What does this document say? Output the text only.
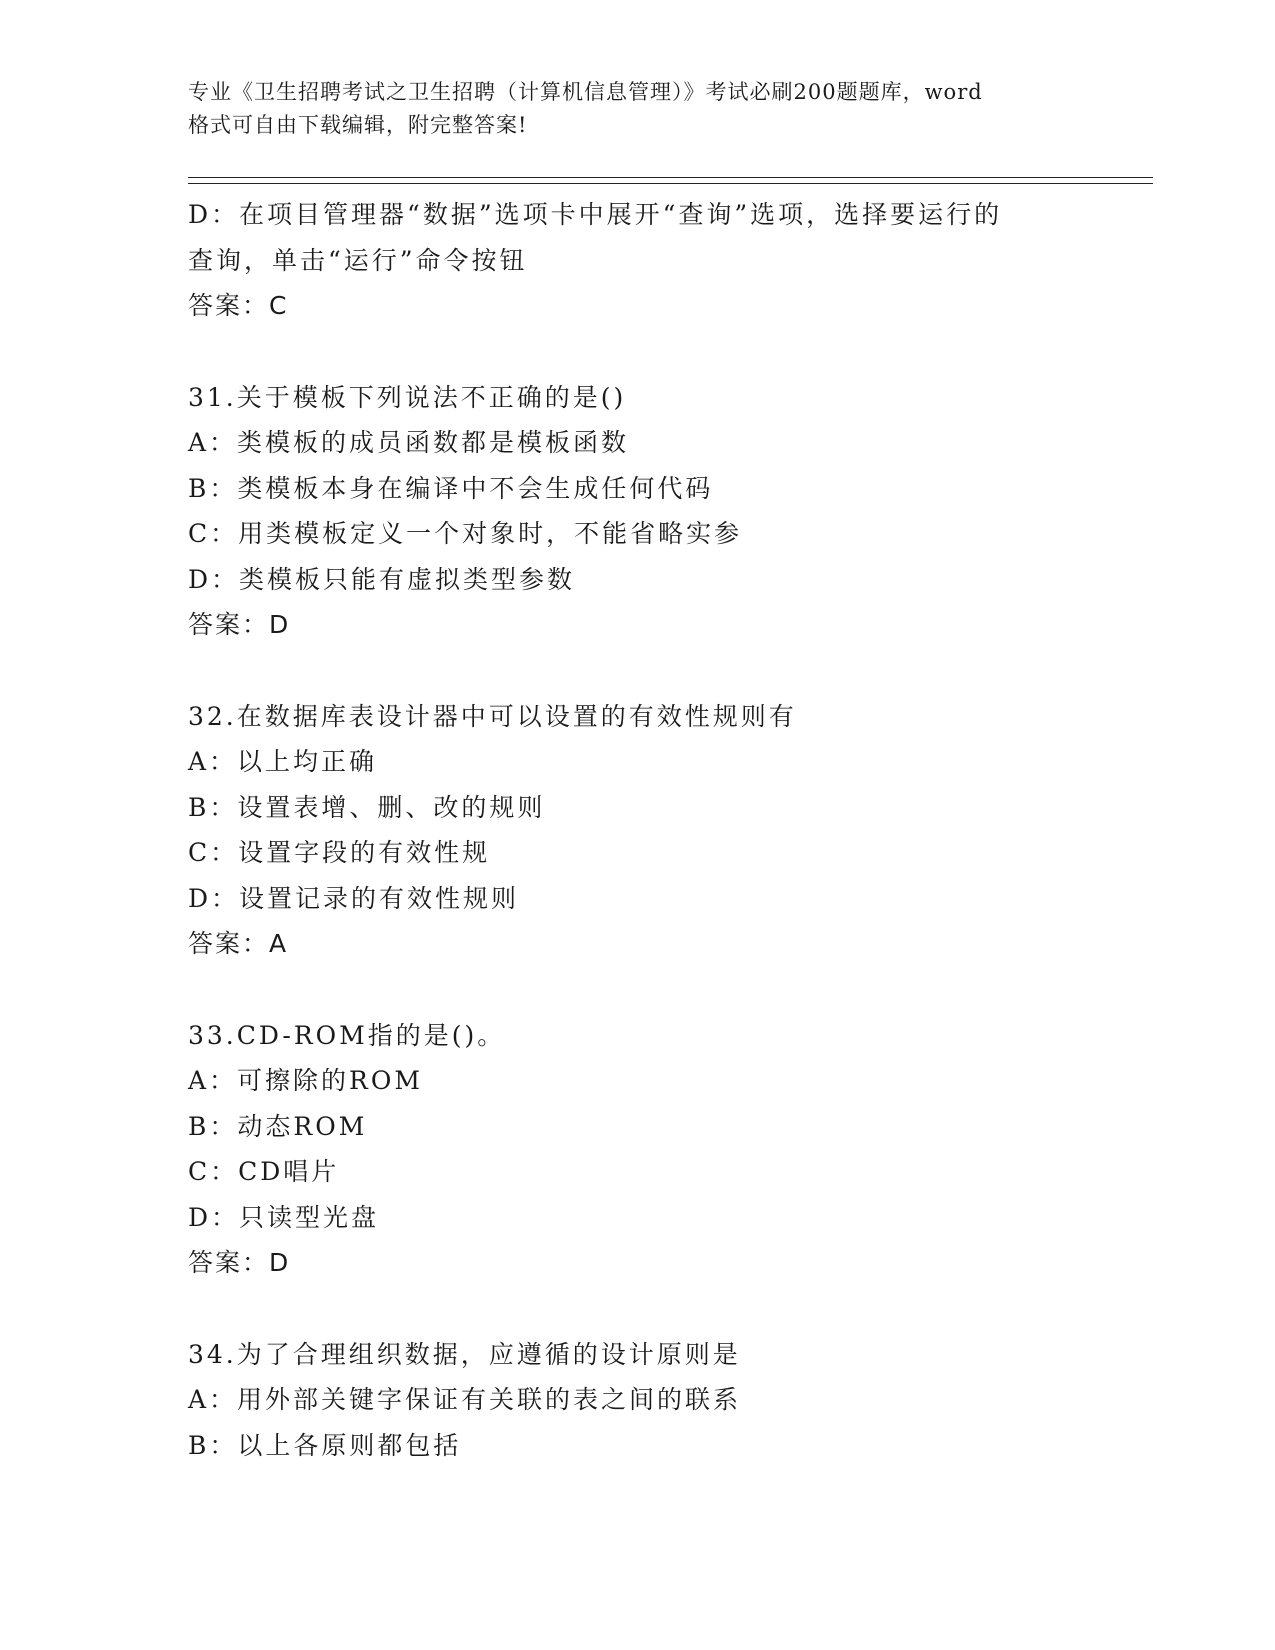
专业《卫生招聘考试之卫生招聘（计算机信息管理）》考试必刷200题题库，word
格式可自由下载编辑，附完整答案!
D：在项目管理器“数据”选项卡中展开“查询”选项，选择要运行的
查询，单击“运行”命令按钮
答案：C
31.关于模板下列说法不正确的是()
A：类模板的成员函数都是模板函数
B：类模板本身在编译中不会生成任何代码
C：用类模板定义一个对象时，不能省略实参
D：类模板只能有虚拟类型参数
答案：D
32.在数据库表设计器中可以设置的有效性规则有
A：以上均正确
B：设置表增、删、改的规则
C：设置字段的有效性规
D：设置记录的有效性规则
答案：A
33.CD-ROM指的是()。
A：可擦除的ROM
B：动态ROM
C：CD唱片
D：只读型光盘
答案：D
34.为了合理组织数据，应遵循的设计原则是
A：用外部关键字保证有关联的表之间的联系
B：以上各原则都包括
